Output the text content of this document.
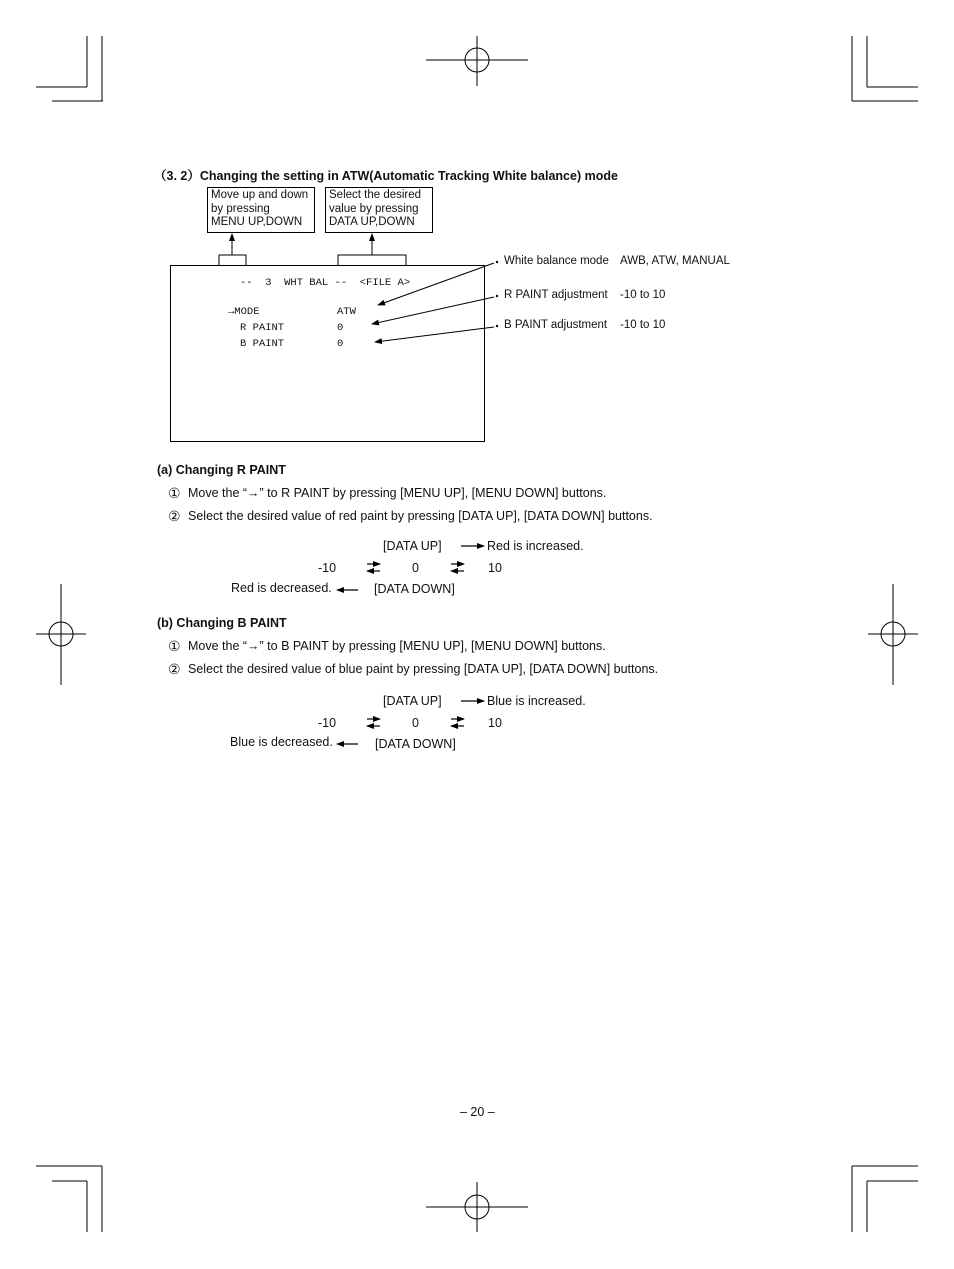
（3. 2）Changing the setting in ATW(Automatic Tracking White balance) mode
Move up and down
by pressing
MENU UP,DOWN
Select the desired
value by pressing
DATA UP,DOWN
--  3  WHT BAL --  <FILE A>
→MODE	ATW
R PAINT	0
B PAINT	0
White balance mode AWB, ATW, MANUAL
R PAINT adjustment -10 to 10
B PAINT adjustment -10 to 10
(a) Changing R PAINT
① Move the “→” to R PAINT by pressing [MENU UP], [MENU DOWN] buttons.
② Select the desired value of red paint by pressing [DATA UP], [DATA DOWN] buttons.
[DATA UP]	Red is increased.
-10	0	10
Red is decreased.	[DATA DOWN]
(b) Changing B PAINT
① Move the “→” to B PAINT by pressing [MENU UP], [MENU DOWN] buttons.
② Select the desired value of blue paint by pressing [DATA UP], [DATA DOWN] buttons.
[DATA UP]	Blue is increased.
-10	0	10
Blue is decreased.	[DATA DOWN]
– 20 –
